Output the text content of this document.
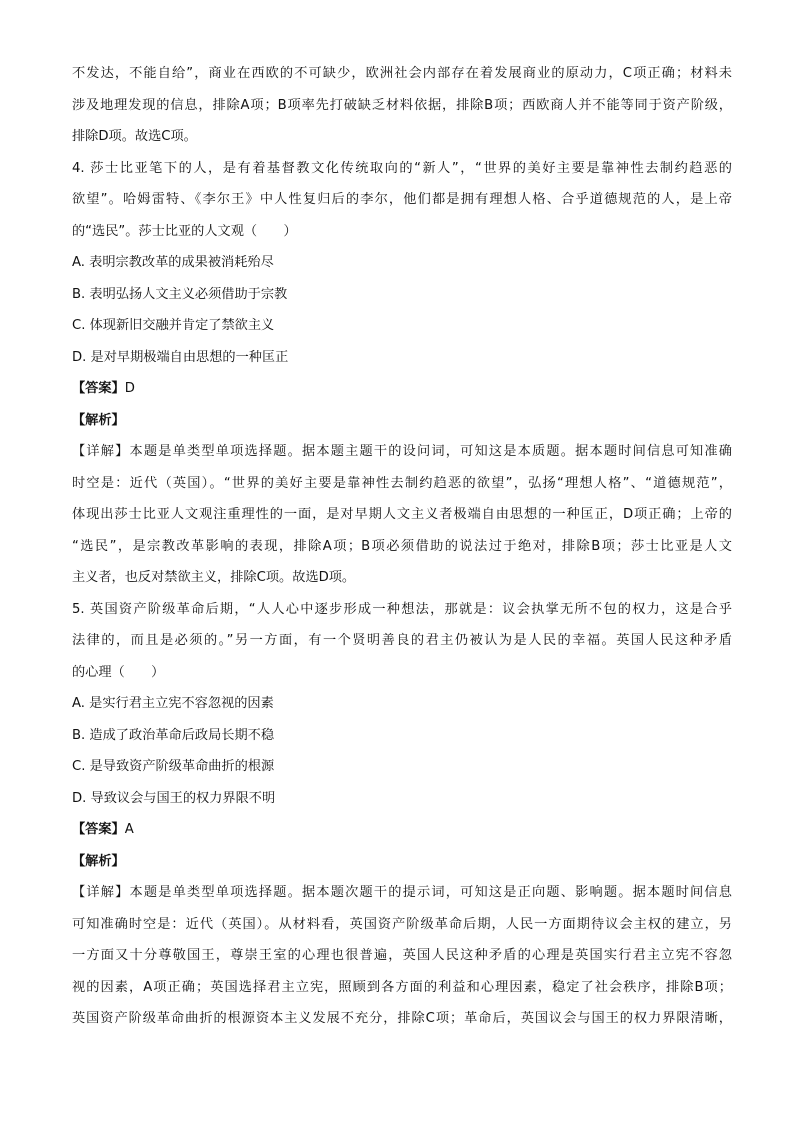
不发达，不能自给”，商业在西欧的不可缺少，欧洲社会内部存在着发展商业的原动力，C项正确；材料未
涉及地理发现的信息，排除A项；B项率先打破缺乏材料依据，排除B项；西欧商人并不能等同于资产阶级，
排除D项。故选C项。
4. 莎士比亚笔下的人，是有着基督教文化传统取向的“新人”，“世界的美好主要是靠神性去制约趋恶的
欲望”。哈姆雷特、《李尔王》中人性复归后的李尔，他们都是拥有理想人格、合乎道德规范的人，是上帝
的“选民”。莎士比亚的人文观（　　）
A. 表明宗教改革的成果被消耗殆尽
B. 表明弘扬人文主义必须借助于宗教
C. 体现新旧交融并肯定了禁欲主义
D. 是对早期极端自由思想的一种匡正
【答案】D
【解析】
【详解】本题是单类型单项选择题。据本题主题干的设问词，可知这是本质题。据本题时间信息可知准确
时空是：近代（英国）。“世界的美好主要是靠神性去制约趋恶的欲望”，弘扬“理想人格”、“道德规范”，
体现出莎士比亚人文观注重理性的一面，是对早期人文主义者极端自由思想的一种匡正，D项正确；上帝的
“选民”，是宗教改革影响的表现，排除A项；B项必须借助的说法过于绝对，排除B项；莎士比亚是人文
主义者，也反对禁欲主义，排除C项。故选D项。
5. 英国资产阶级革命后期，“人人心中逐步形成一种想法，那就是：议会执掌无所不包的权力，这是合乎
法律的，而且是必须的。”另一方面，有一个贤明善良的君主仍被认为是人民的幸福。英国人民这种矛盾
的心理（　　）
A. 是实行君主立宪不容忽视的因素
B. 造成了政治革命后政局长期不稳
C. 是导致资产阶级革命曲折的根源
D. 导致议会与国王的权力界限不明
【答案】A
【解析】
【详解】本题是单类型单项选择题。据本题次题干的提示词，可知这是正向题、影响题。据本题时间信息
可知准确时空是：近代（英国）。从材料看，英国资产阶级革命后期，人民一方面期待议会主权的建立，另
一方面又十分尊敬国王，尊崇王室的心理也很普遍，英国人民这种矛盾的心理是英国实行君主立宪不容忽
视的因素，A项正确；英国选择君主立宪，照顾到各方面的利益和心理因素，稳定了社会秩序，排除B项；
英国资产阶级革命曲折的根源资本主义发展不充分，排除C项；革命后，英国议会与国王的权力界限清晰，
